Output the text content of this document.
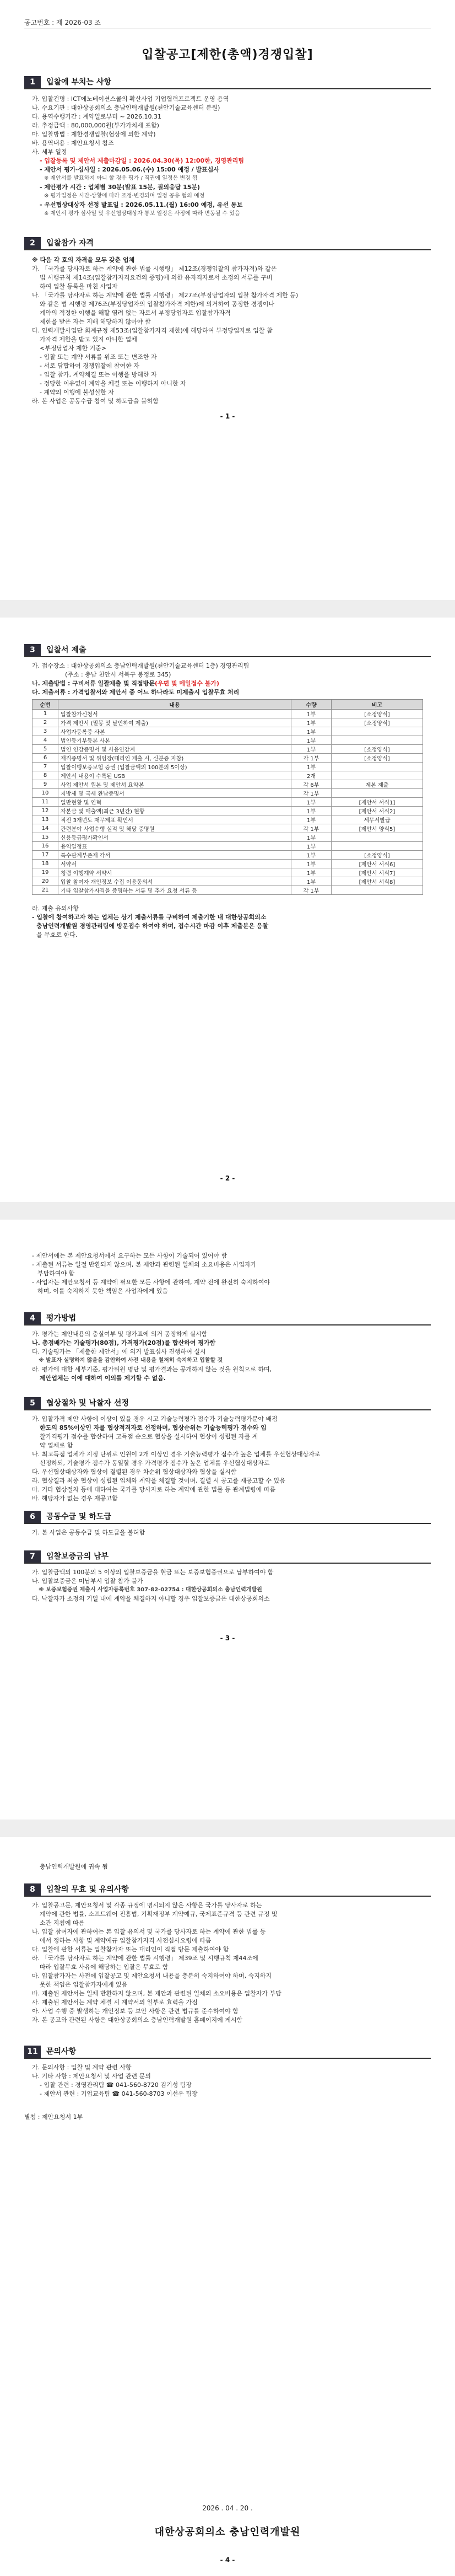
공고번호 : 제 2026-03 조
입찰공고[제한(총액)경쟁입찰]
1	입찰에 부치는 사항
가. 입찰건명 : ICT에노베이션스쿨의 확산사업 기업협력프로젝트 운영 용역
나. 수요기관 : 대한상공회의소 충남인력개발원(천안기술교육센터 분원)
다. 용역수행기간 : 계약일로부터 ~ 2026.10.31
라. 추정금액 : 80,000,000원(부가가치세 포함)
마. 입찰방법 : 제한경쟁입찰(협상에 의한 계약)
바. 용역내용 : 제안요청서 참조
사. 세부 일정
- 입찰등록 및 제안서 제출마감일 : 2026.04.30(목) 12:00한, 경영관리팀
- 제안서 평가·심사일 : 2026.05.06.(수) 15:00 예정 / 발표심사
※ 제안서를 발표하지 아니 할 경우 평가 / 직권에 일정은 변경 됨
- 제안평가 시간 : 업체별 30분(발표 15분, 질의응답 15분)
※ 평가일정은 시간·상황에 따라 조정·변경되며 일정 공유 협의 예정
- 우선협상대상자 선정 발표일 : 2026.05.11.(월) 16:00 예정, 유선 통보
※ 제안서 평가 심사일 및 우선협상대상자 통보 일정은 사정에 따라 변동될 수 있음
2	입찰참가 자격
※ 다음 각 호의 자격을 모두 갖춘 업체
가. 「국가를 당사자로 하는 계약에 관한 법률 시행령」 제12조(경쟁입찰의 참가자격)와 같은
법 시행규칙 제14조(입찰참가자격요건의 증명)에 의한 유자격자로서 소정의 서류를 구비
하여 입찰 등록을 마친 사업자
나. 「국가를 당사자로 하는 계약에 관한 법률 시행령」 제27조(부정당업자의 입찰 참가자격 제한 등)
와 같은 법 시행령 제76조(부정당업자의 입찰참가자격 제한)에 의거하여 공정한 경쟁이나
계약의 적정한 이행을 해할 염려 없는 자로서 부정당업자로 입찰참가자격
제한을 받은 자는 지배 해당하지 않아야 함
다. 인력개발사업단 회계규정 제53조(입찰참가자격 제한)에 해당하여 부정당업자로 입찰 참
가자격 제한을 받고 있지 아니한 업체
<부정당업자 제한 기준>
- 입찰 또는 계약 서류를 위조 또는 변조한 자
- 서로 담합하여 경쟁입찰에 참여한 자
- 입찰 참가, 계약체결 또는 이행을 방해한 자
- 정당한 이유없이 계약을 체결 또는 이행하지 아니한 자
- 계약의 이행에 불성실한 자
라. 본 사업은 공동수급 참여 및 하도급을 불허함
- 1 -
3	입찰서 제출
가. 접수장소 : 대한상공회의소 충남인력개발원(천안기술교육센터 1층) 경영관리팀
(주소 : 충남 천안시 서북구 봉정로 345)
나. 제출방법 : 구비서류 일괄제출 및 직접방문(우편 및 메일접수 불가)
다. 제출서류 : 가격입찰서와 제안서 중 어느 하나라도 미제출시 입찰무효 처리
순번	내용	수량	비고
1	입찰참가신청서	1부	[소정양식]
2	가격 제안서 (밀봉 및 날인하여 제출)	1부	[소정양식]
3	사업자등록증 사본	1부	
4	법인등기부등본 사본	1부	
5	법인 인감증명서 및 사용인감계	1부	[소정양식]
6	재직증명서 및 위임장(대리인 제출 시, 신분증 지참)	각 1부	[소정양식]
7	입찰이행보증보험 증권 (입찰금액의 100분의 5이상)	1부	
8	제안서 내용이 수록된 USB	2개	
9	사업 제안서 원본 및 제안서 요약본	각 6부	제본 제출
10	지방세 및 국세 완납증명서	각 1부	
11	일반현황 및 연혁	1부	[제안서 서식1]
12	자본금 및 매출액(최근 3년간) 현황	1부	[제안서 서식2]
13	직전 3개년도 재무제표 확인서	1부	세무서발급
14	관련분야 사업수행 실적 및 해당 증명원	각 1부	[제안서 양식5]
15	신용등급평가확인서	1부	
16	용역일정표	1부	
17	특수관계부존재 각서	1부	[소정양식]
18	서약서	1부	[제안서 서식6]
19	청렴 이행계약 서약서	1부	[제안서 서식7]
20	입찰 참여자 개인정보 수집 이용동의서	1부	[제안서 서식8]
21	기타 입찰참가자격을 증명하는 서류 및 추가 요청 서류 등	각 1부	
라. 제출 유의사항
- 입찰에 참여하고자 하는 업체는 상기 제출서류를 구비하여 제출기한 내 대한상공회의소
충남인력개발원 경영관리팀에 방문접수 하여야 하며, 접수시간 마감 이후 제출분은 응찰
을 무효로 한다.
- 2 -
- 제안서에는 본 제안요청서에서 요구하는 모든 사항이 기술되어 있어야 함
- 제출된 서류는 일절 반환되지 않으며, 본 제안과 관련된 일체의 소요비용은 사업자가
부담하여야 함
- 사업자는 제안요청서 등 계약에 필요한 모든 사항에 관하여, 계약 전에 완전히 숙지하여야
하며, 이를 숙지하지 못한 책임은 사업자에게 있음
4	평가방법
가. 평가는 제안내용의 충실여부 및 평가표에 의거 공정하게 실시함
나. 총점배가는 기술평가(80점), 가격평가(20점)를 합산하여 평가함
다. 기술평가는 「제출한 제안서」에 의거 발표심사 진행하여 실시
※ 발표자 실명하지 않을을 감안하여 사전 내용을 철저히 숙지하고 입찰할 것
라. 평가에 대한 세부기준, 평가위원 명단 및 평가결과는 공개하지 않는 것을 원칙으로 하며,
제안업체는 이에 대하여 이의를 제기할 수 없음.
5	협상절차 및 낙찰자 선정
가. 입찰가격 제안 사항에 이상이 있을 경우 시고 기술능력평가 점수가 기술능력평가분야 배점
한도의 85%이상인 자를 협상적격자로 선정하며, 협상순위는 기술능력평가 점수와 입
찰가격평가 점수를 합산하여 고득점 순으로 협상을 실시하여 협상이 성립된 자를 계
약 업체로 함
나. 최고득점 업체가 지정 단위로 인원이 2개 이상인 경우 기술능력평가 점수가 높은 업체를 우선협상대상자로
선정하되, 기술평가 점수가 동일할 경우 가격평가 점수가 높은 업체를 우선협상대상자로
다. 우선협상대상자와 협상이 결렬된 경우 차순위 협상대상자와 협상을 실시함
라. 협상결과 최종 협상이 성립된 업체와 계약을 체결할 것이며, 결렬 시 공고를 재공고할 수 있음
마. 기타 협상절차 등에 대하여는 국가를 당사자로 하는 계약에 관한 법률 등 관계법령에 따름
바. 해당자가 없는 경우 재공고함
6	공동수급 및 하도급
가. 본 사업은 공동수급 및 하도급을 불허함
7	입찰보증금의 납부
가. 입찰금액의 100분의 5 이상의 입찰보증금을 현금 또는 보증보험증권으로 납부하여야 함
나. 입찰보증금은 미납부시 입찰 참가 불가
※ 보증보험증권 제출시 사업자등록번호 307-82-02754 : 대한상공회의소 충남인력개발원
다. 낙찰자가 소정의 기일 내에 계약을 체결하지 아니할 경우 입찰보증금은 대한상공회의소
- 3 -
충남인력개발원에 귀속 됨
8	입찰의 무효 및 유의사항
가. 입찰공고문, 제안요청서 및 각종 규정에 명시되지 않은 사항은 국가를 당사자로 하는
계약에 관한 법률, 소프트웨어 진흥법, 기획재정부 계약예규, 국제표준규격 등 관련 규정 및
소관 지침에 따름
나. 입찰 참여자에 관하여는 본 입찰 유의서 및 국가를 당사자로 하는 계약에 관한 법률 등
에서 정하는 사항 및 계약예규 입찰참가자격 사전심사요령에 따름
다. 입찰에 관한 서류는 입찰참가자 또는 대리인이 직접 방문 제출하여야 함
라. 「국가를 당사자로 하는 계약에 관한 법률 시행령」 제39조 및 시행규칙 제44조에
따라 입찰무효 사유에 해당하는 입찰은 무효로 함
마. 입찰참가자는 사전에 입찰공고 및 제안요청서 내용을 충분히 숙지하여야 하며, 숙지하지
못한 책임은 입찰참가자에게 있음
바. 제출된 제안서는 일체 반환하지 않으며, 본 제안과 관련된 일체의 소요비용은 입찰자가 부담
사. 제출된 제안서는 계약 체결 시 계약서의 일부로 효력을 가짐
아. 사업 수행 중 발생하는 개인정보 등 보안 사항은 관련 법규를 준수하여야 함
자. 본 공고와 관련된 사항은 대한상공회의소 충남인력개발원 홈페이지에 게시함
11	문의사항
가. 문의사항 : 입찰 및 계약 관련 사항
나. 기타 사항 : 제안요청서 및 사업 관련 문의
- 입찰 관련 : 경영관리팀 ☎ 041-560-8720 김기성 팀장
- 제안서 관련 : 기업교육팀 ☎ 041-560-8703 이선우 팀장
별첨 : 제안요청서 1부
2026 . 04 . 20 .
대한상공회의소 충남인력개발원
- 4 -
